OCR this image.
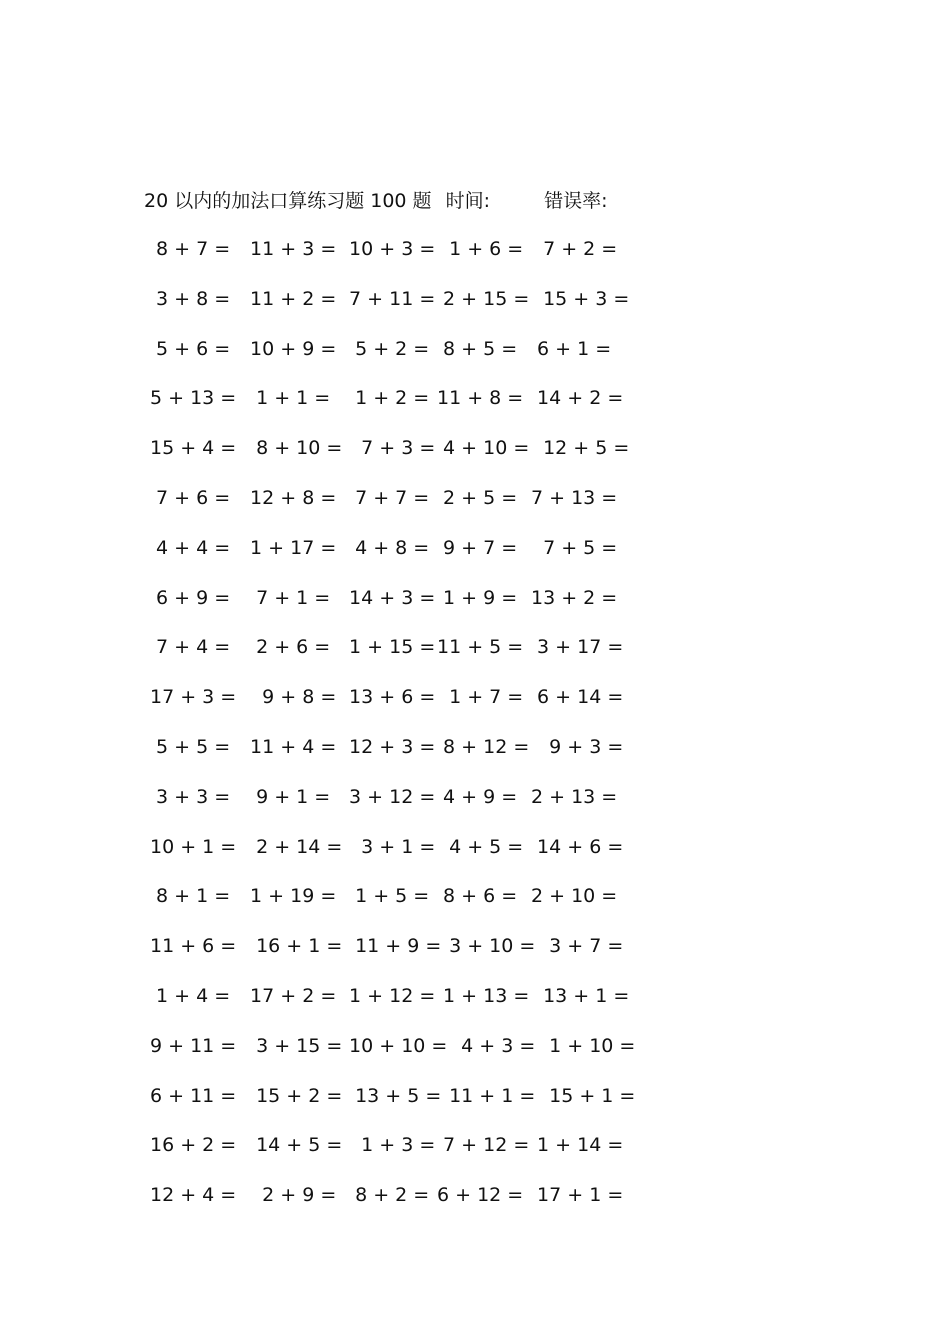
20 以内的加法口算练习题 100 题 时间:	错误率:
8 + 7 = 11 + 3 = 10 + 3 = 1 + 6 = 7 + 2 =
3 + 8 = 11 + 2 = 7 + 11 = 2 + 15 = 15 + 3 =
5 + 6 = 10 + 9 = 5 + 2 = 8 + 5 = 6 + 1 =
5 + 13 = 1 + 1 = 1 + 2 = 11 + 8 = 14 + 2 =
15 + 4 = 8 + 10 = 7 + 3 = 4 + 10 = 12 + 5 =
7 + 6 = 12 + 8 = 7 + 7 = 2 + 5 = 7 + 13 =
4 + 4 = 1 + 17 = 4 + 8 = 9 + 7 = 7 + 5 =
6 + 9 = 7 + 1 = 14 + 3 = 1 + 9 = 13 + 2 =
7 + 4 = 2 + 6 = 1 + 15 = 11 + 5 = 3 + 17 =
17 + 3 = 9 + 8 = 13 + 6 = 1 + 7 = 6 + 14 =
5 + 5 = 11 + 4 = 12 + 3 = 8 + 12 = 9 + 3 =
3 + 3 = 9 + 1 = 3 + 12 = 4 + 9 = 2 + 13 =
10 + 1 = 2 + 14 = 3 + 1 = 4 + 5 = 14 + 6 =
8 + 1 = 1 + 19 = 1 + 5 = 8 + 6 = 2 + 10 =
11 + 6 = 16 + 1 = 11 + 9 =
3 + 10 =
3 + 7 =
1 + 4 = 17 + 2 = 1 + 12 = 1 + 13 = 13 + 1 =
9 + 11 = 3 + 15 = 10 + 10 =
4 + 3 =
1 + 10 =
6 + 11 = 15 + 2 = 13 + 5 =
11 + 1 =
15 + 1 =
16 + 2 = 14 + 5 = 1 + 3 = 7 + 12 = 1 + 14 =
12 + 4 = 2 + 9 = 8 + 2 = 6 + 12 = 17 + 1 =
